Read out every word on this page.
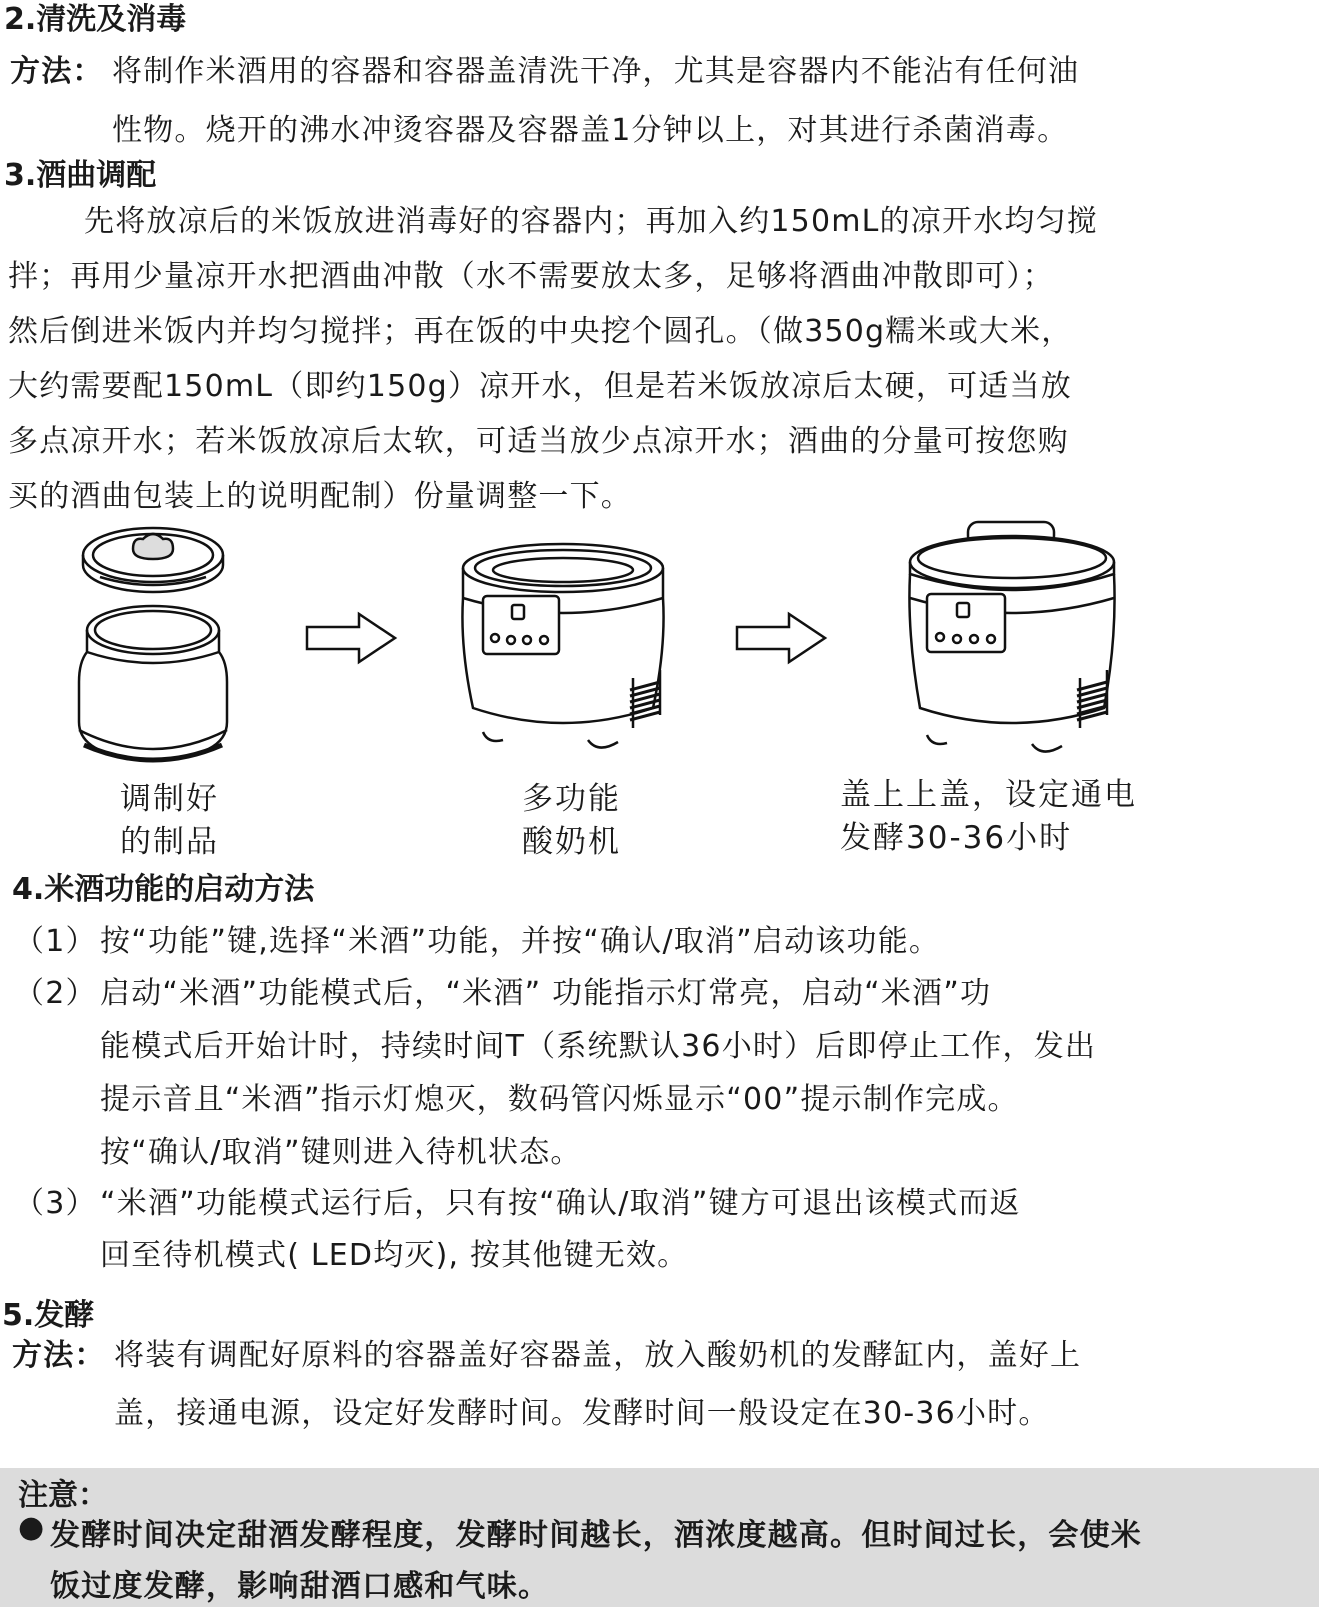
2.清洗及消毒
方法： 将制作米酒用的容器和容器盖清洗干净，尤其是容器内不能沾有任何油
性物。烧开的沸水冲烫容器及容器盖1分钟以上，对其进行杀菌消毒。
3.酒曲调配
先将放凉后的米饭放进消毒好的容器内；再加入约150mL的凉开水均匀搅
拌；再用少量凉开水把酒曲冲散（水不需要放太多，足够将酒曲冲散即可）；
然后倒进米饭内并均匀搅拌；再在饭的中央挖个圆孔。（做350g糯米或大米，
大约需要配150mL（即约150g）凉开水，但是若米饭放凉后太硬，可适当放
多点凉开水；若米饭放凉后太软，可适当放少点凉开水；酒曲的分量可按您购
买的酒曲包装上的说明配制）份量调整一下。
调制好
的制品
多功能
酸奶机
盖上上盖，设定通电
发酵30-36小时
4.米酒功能的启动方法
（1） 按“功能”键,选择“米酒”功能，并按“确认/取消”启动该功能。
（2） 启动“米酒”功能模式后，“米酒” 功能指示灯常亮，启动“米酒”功
能模式后开始计时，持续时间T（系统默认36小时）后即停止工作，发出
提示音且“米酒”指示灯熄灭，数码管闪烁显示“00”提示制作完成。
按“确认/取消”键则进入待机状态。
（3） “米酒”功能模式运行后，只有按“确认/取消”键方可退出该模式而返
回至待机模式( LED均灭), 按其他键无效。
5.发酵
方法： 将装有调配好原料的容器盖好容器盖，放入酸奶机的发酵缸内，盖好上
盖，接通电源，设定好发酵时间。发酵时间一般设定在30-36小时。
注意：
● 发酵时间决定甜酒发酵程度，发酵时间越长，酒浓度越高。但时间过长，会使米
饭过度发酵，影响甜酒口感和气味。
